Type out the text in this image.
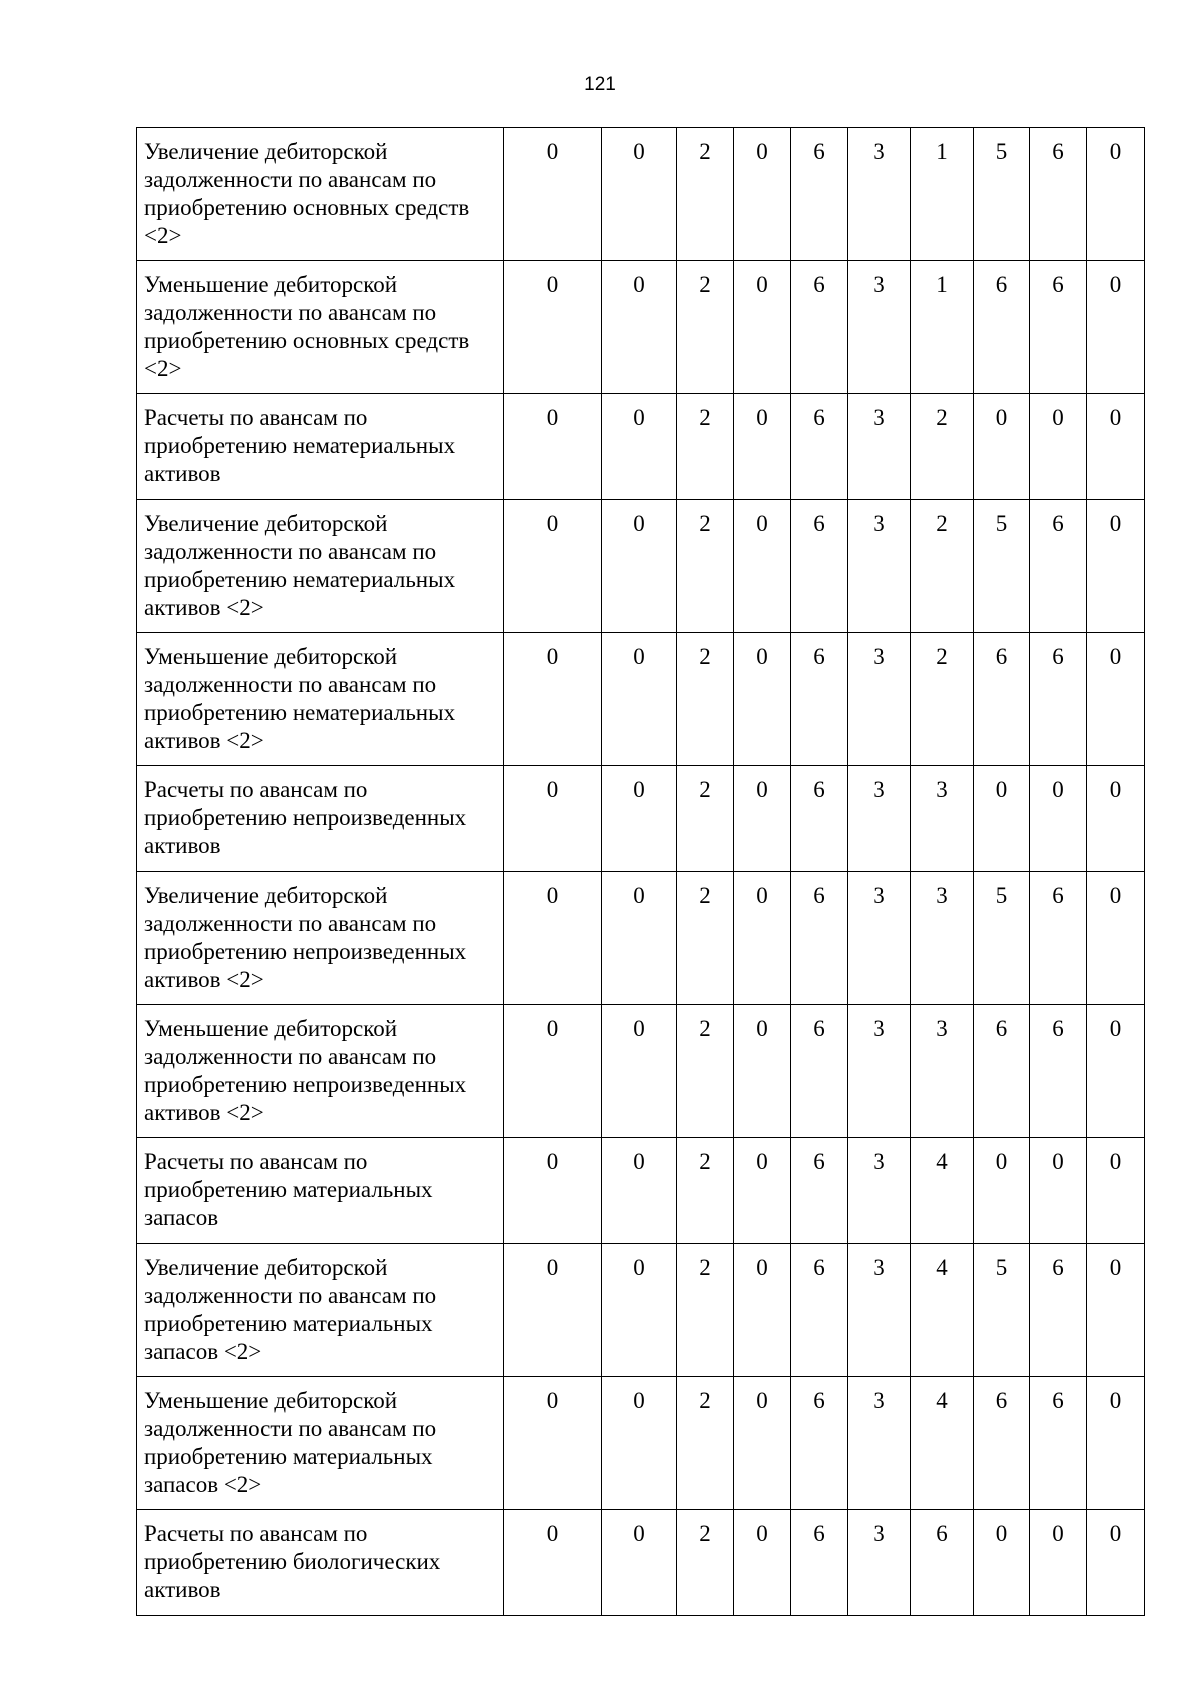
121
Увеличение дебиторской задолженности по авансам по приобретению основных средств <2>	0	0	2	0	6	3	1	5	6	0
Уменьшение дебиторской задолженности по авансам по приобретению основных средств <2>	0	0	2	0	6	3	1	6	6	0
Расчеты по авансам по приобретению нематериальных активов	0	0	2	0	6	3	2	0	0	0
Увеличение дебиторской задолженности по авансам по приобретению нематериальных активов <2>	0	0	2	0	6	3	2	5	6	0
Уменьшение дебиторской задолженности по авансам по приобретению нематериальных активов <2>	0	0	2	0	6	3	2	6	6	0
Расчеты по авансам по приобретению непроизведенных активов	0	0	2	0	6	3	3	0	0	0
Увеличение дебиторской задолженности по авансам по приобретению непроизведенных активов <2>	0	0	2	0	6	3	3	5	6	0
Уменьшение дебиторской задолженности по авансам по приобретению непроизведенных активов <2>	0	0	2	0	6	3	3	6	6	0
Расчеты по авансам по приобретению материальных запасов	0	0	2	0	6	3	4	0	0	0
Увеличение дебиторской задолженности по авансам по приобретению материальных запасов <2>	0	0	2	0	6	3	4	5	6	0
Уменьшение дебиторской задолженности по авансам по приобретению материальных запасов <2>	0	0	2	0	6	3	4	6	6	0
Расчеты по авансам по приобретению биологических активов	0	0	2	0	6	3	6	0	0	0
